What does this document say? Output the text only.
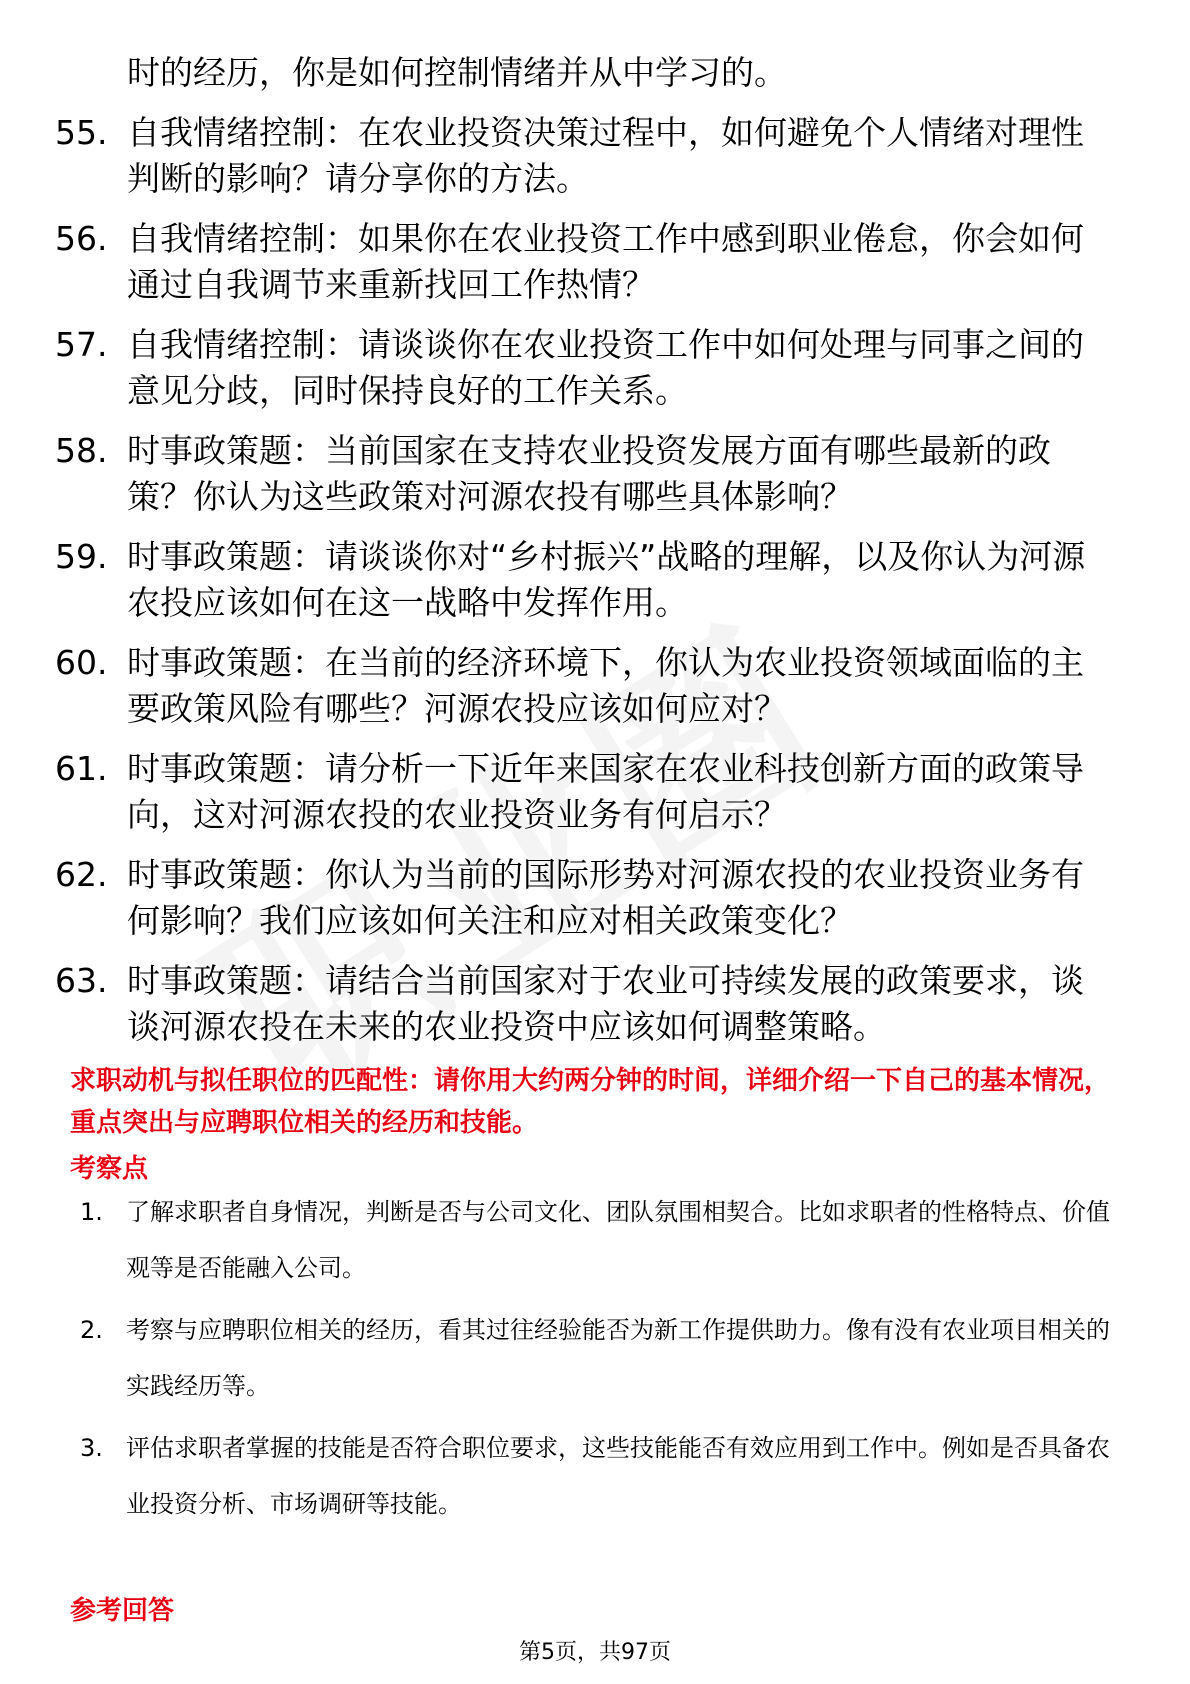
时的经历，你是如何控制情绪并从中学习的。
55. 自我情绪控制：在农业投资决策过程中，如何避免个人情绪对理性判断的影响？请分享你的方法。
56. 自我情绪控制：如果你在农业投资工作中感到职业倦怠，你会如何通过自我调节来重新找回工作热情？
57. 自我情绪控制：请谈谈你在农业投资工作中如何处理与同事之间的意见分歧，同时保持良好的工作关系。
58. 时事政策题：当前国家在支持农业投资发展方面有哪些最新的政策？你认为这些政策对河源农投有哪些具体影响？
59. 时事政策题：请谈谈你对“乡村振兴”战略的理解，以及你认为河源农投应该如何在这一战略中发挥作用。
60. 时事政策题：在当前的经济环境下，你认为农业投资领域面临的主要政策风险有哪些？河源农投应该如何应对？
61. 时事政策题：请分析一下近年来国家在农业科技创新方面的政策导向，这对河源农投的农业投资业务有何启示？
62. 时事政策题：你认为当前的国际形势对河源农投的农业投资业务有何影响？我们应该如何关注和应对相关政策变化？
63. 时事政策题：请结合当前国家对于农业可持续发展的政策要求，谈谈河源农投在未来的农业投资中应该如何调整策略。
求职动机与拟任职位的匹配性：请你用大约两分钟的时间，详细介绍一下自己的基本情况，重点突出与应聘职位相关的经历和技能。
考察点
1. 了解求职者自身情况，判断是否与公司文化、团队氛围相契合。比如求职者的性格特点、价值观等是否能融入公司。
2. 考察与应聘职位相关的经历，看其过往经验能否为新工作提供助力。像有没有农业项目相关的实践经历等。
3. 评估求职者掌握的技能是否符合职位要求，这些技能能否有效应用到工作中。例如是否具备农业投资分析、市场调研等技能。
参考回答
第5页，共97页
